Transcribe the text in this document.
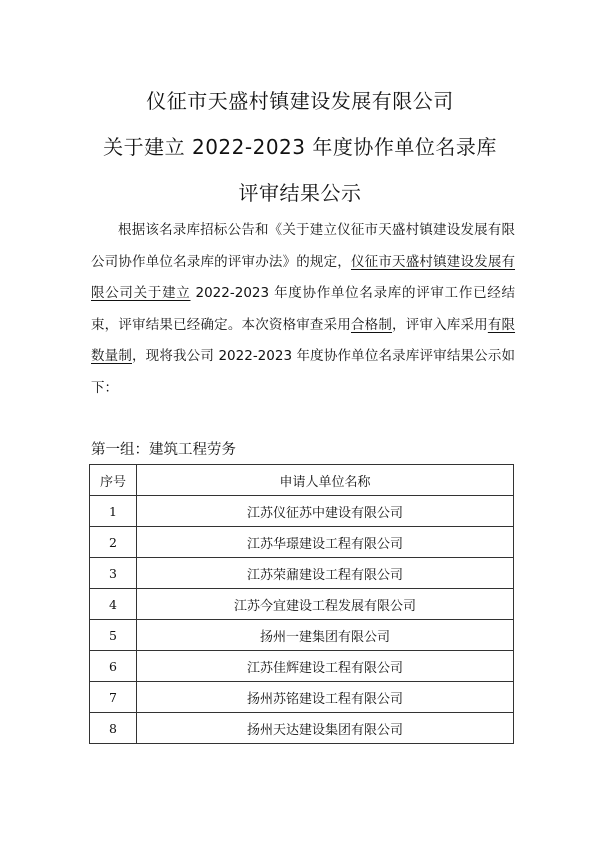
仪征市天盛村镇建设发展有限公司
关于建立 2022-2023 年度协作单位名录库
评审结果公示

根据该名录库招标公告和《关于建立仪征市天盛村镇建设发展有限公司协作单位名录库的评审办法》的规定，仪征市天盛村镇建设发展有限公司关于建立 2022-2023 年度协作单位名录库的评审工作已经结束，评审结果已经确定。本次资格审查采用合格制，评审入库采用有限数量制，现将我公司 2022-2023 年度协作单位名录库评审结果公示如下：

第一组：建筑工程劳务
序号	申请人单位名称
1	江苏仪征苏中建设有限公司
2	江苏华璟建设工程有限公司
3	江苏荣鼐建设工程有限公司
4	江苏今宜建设工程发展有限公司
5	扬州一建集团有限公司
6	江苏佳辉建设工程有限公司
7	扬州苏铭建设工程有限公司
8	扬州天达建设集团有限公司
